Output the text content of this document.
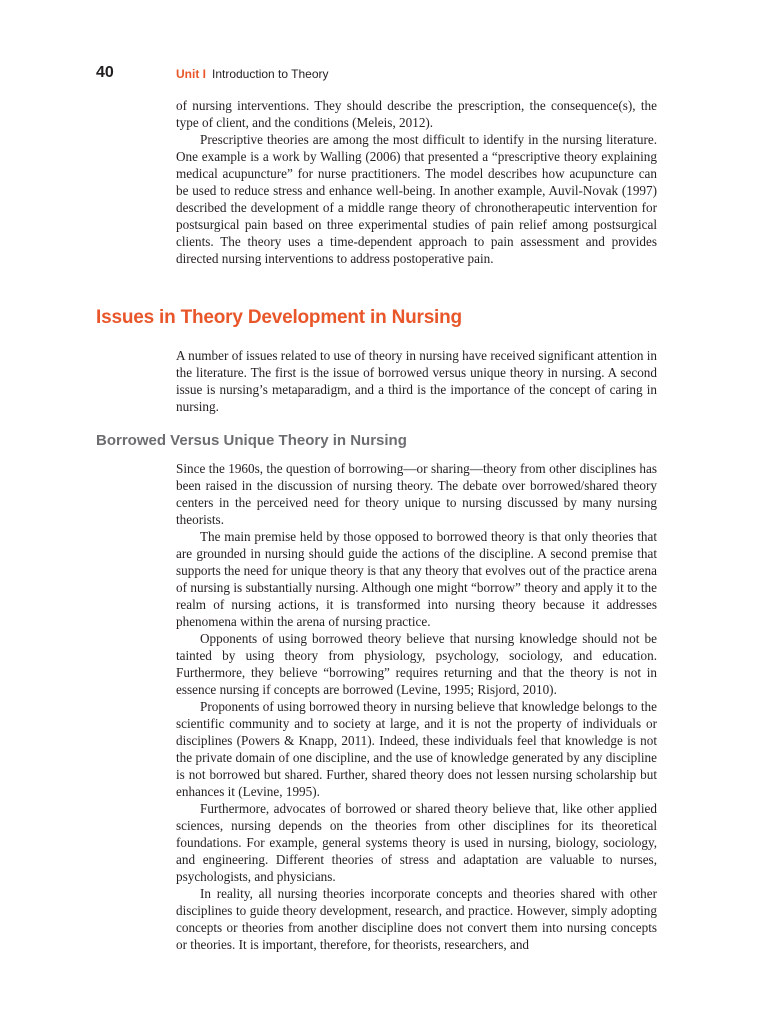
40	Unit I Introduction to Theory

of nursing interventions. They should describe the prescription, the consequence(s), the type of client, and the conditions (Meleis, 2012).

Prescriptive theories are among the most difficult to identify in the nursing literature. One example is a work by Walling (2006) that presented a “prescriptive theory explaining medical acupuncture” for nurse practitioners. The model describes how acupuncture can be used to reduce stress and enhance well-being. In another example, Auvil-Novak (1997) described the development of a middle range theory of chronotherapeutic intervention for postsurgical pain based on three experimental studies of pain relief among postsurgical clients. The theory uses a time-dependent approach to pain assessment and provides directed nursing interventions to address postoperative pain.

Issues in Theory Development in Nursing

A number of issues related to use of theory in nursing have received significant attention in the literature. The first is the issue of borrowed versus unique theory in nursing. A second issue is nursing’s metaparadigm, and a third is the importance of the concept of caring in nursing.

Borrowed Versus Unique Theory in Nursing

Since the 1960s, the question of borrowing—or sharing—theory from other disciplines has been raised in the discussion of nursing theory. The debate over borrowed/shared theory centers in the perceived need for theory unique to nursing discussed by many nursing theorists.

The main premise held by those opposed to borrowed theory is that only theories that are grounded in nursing should guide the actions of the discipline. A second premise that supports the need for unique theory is that any theory that evolves out of the practice arena of nursing is substantially nursing. Although one might “borrow” theory and apply it to the realm of nursing actions, it is transformed into nursing theory because it addresses phenomena within the arena of nursing practice.

Opponents of using borrowed theory believe that nursing knowledge should not be tainted by using theory from physiology, psychology, sociology, and education. Furthermore, they believe “borrowing” requires returning and that the theory is not in essence nursing if concepts are borrowed (Levine, 1995; Risjord, 2010).

Proponents of using borrowed theory in nursing believe that knowledge belongs to the scientific community and to society at large, and it is not the property of individuals or disciplines (Powers & Knapp, 2011). Indeed, these individuals feel that knowledge is not the private domain of one discipline, and the use of knowledge generated by any discipline is not borrowed but shared. Further, shared theory does not lessen nursing scholarship but enhances it (Levine, 1995).

Furthermore, advocates of borrowed or shared theory believe that, like other applied sciences, nursing depends on the theories from other disciplines for its theoretical foundations. For example, general systems theory is used in nursing, biology, sociology, and engineering. Different theories of stress and adaptation are valuable to nurses, psychologists, and physicians.

In reality, all nursing theories incorporate concepts and theories shared with other disciplines to guide theory development, research, and practice. However, simply adopting concepts or theories from another discipline does not convert them into nursing concepts or theories. It is important, therefore, for theorists, researchers, and
